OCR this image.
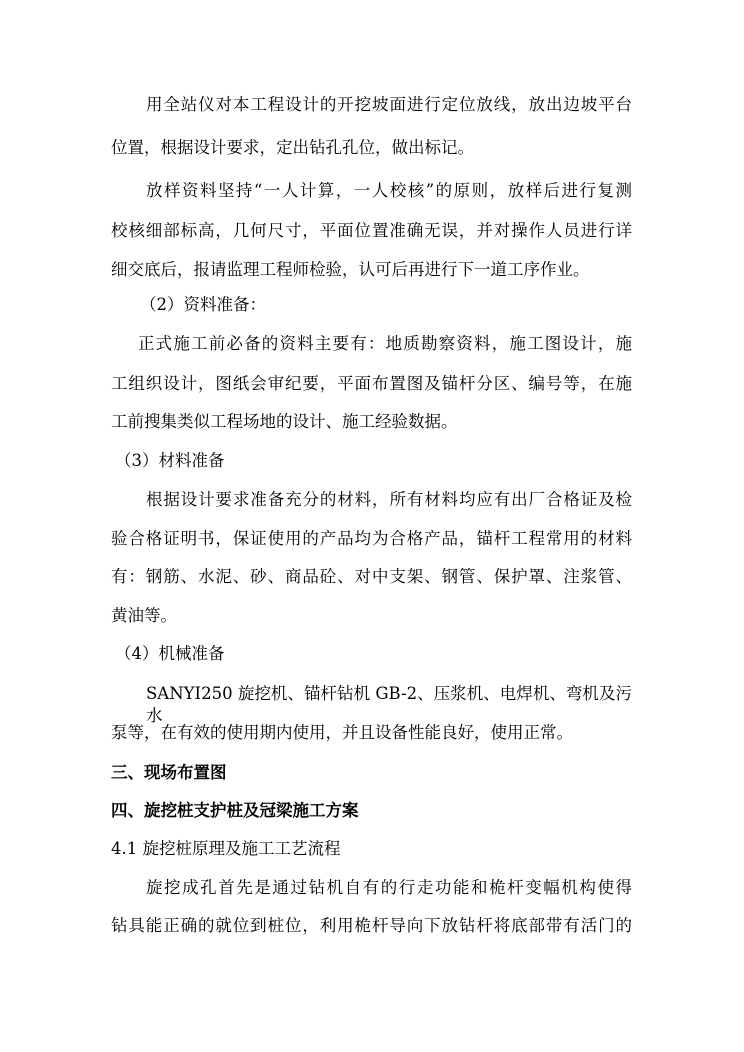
用全站仪对本工程设计的开挖坡面进行定位放线，放出边坡平台
位置，根据设计要求，定出钻孔孔位，做出标记。
放样资料坚持“一人计算，一人校核”的原则，放样后进行复测
校核细部标高，几何尺寸，平面位置准确无误，并对操作人员进行详
细交底后，报请监理工程师检验，认可后再进行下一道工序作业。
（2）资料准备：
正式施工前必备的资料主要有：地质勘察资料，施工图设计，施
工组织设计，图纸会审纪要，平面布置图及锚杆分区、编号等，在施
工前搜集类似工程场地的设计、施工经验数据。
（3）材料准备
根据设计要求准备充分的材料，所有材料均应有出厂合格证及检
验合格证明书，保证使用的产品均为合格产品，锚杆工程常用的材料
有：钢筋、水泥、砂、商品砼、对中支架、钢管、保护罩、注浆管、
黄油等。
（4）机械准备
SANYI250 旋挖机、锚杆钻机 GB-2、压浆机、电焊机、弯机及污水
泵等，在有效的使用期内使用，并且设备性能良好，使用正常。
三、现场布置图
四、旋挖桩支护桩及冠梁施工方案
4.1 旋挖桩原理及施工工艺流程
旋挖成孔首先是通过钻机自有的行走功能和桅杆变幅机构使得
钻具能正确的就位到桩位，利用桅杆导向下放钻杆将底部带有活门的
